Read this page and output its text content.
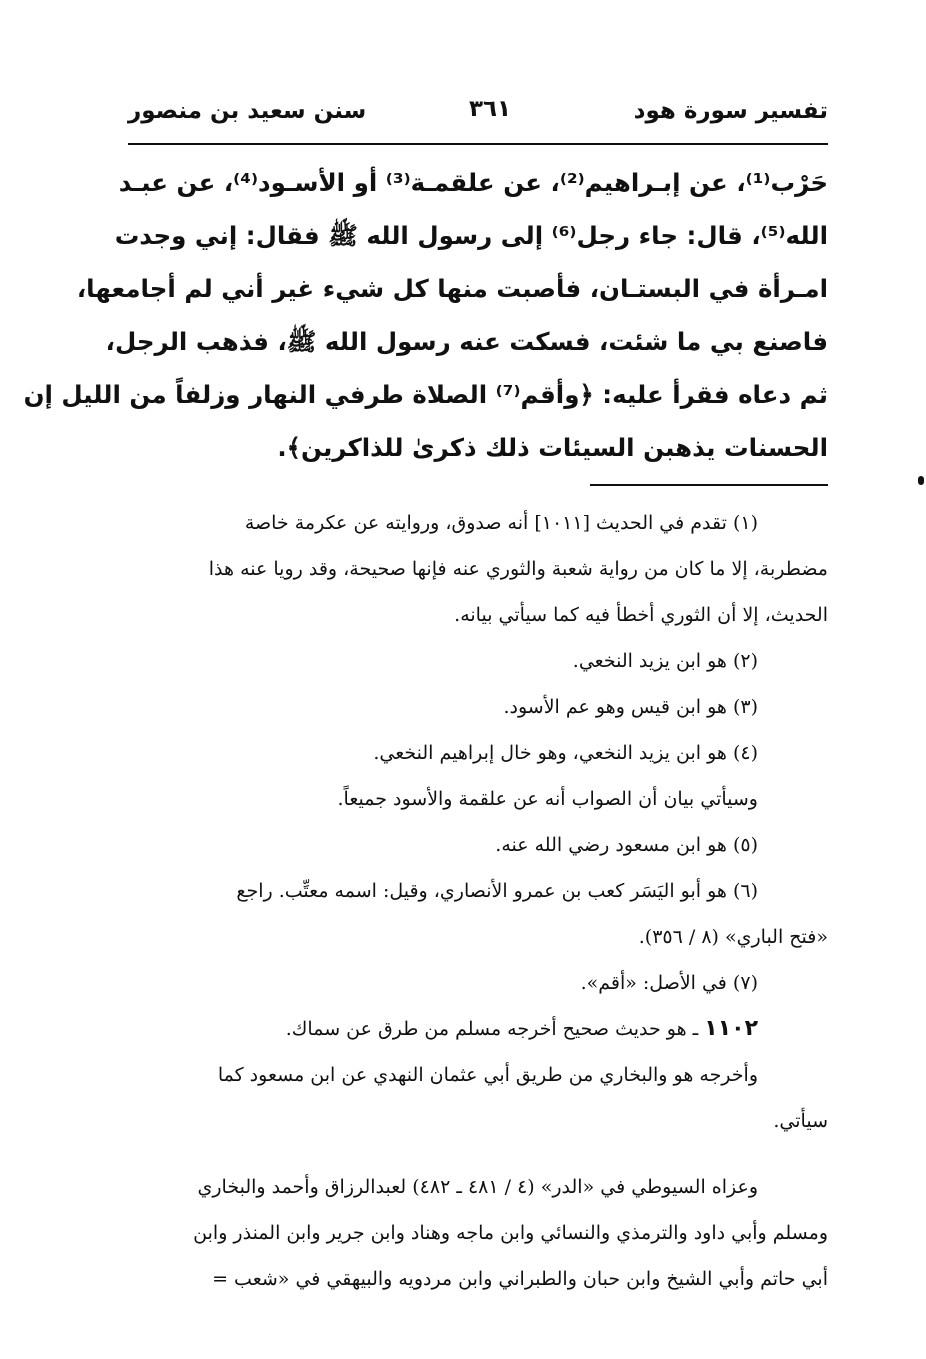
تفسير سورة هود
٣٦١
سنن سعيد بن منصور
حَرْب⁽¹⁾، عن إبـراهيم⁽²⁾، عن علقمـة⁽³⁾ أو الأسـود⁽⁴⁾، عن عبـد
الله⁽⁵⁾، قال: جاء رجل⁽⁶⁾ إلى رسول الله ﷺ فقال: إني وجدت
امـرأة في البستـان، فأصبت منها كل شيء غير أني لم أجامعها،
فاصنع بي ما شئت، فسكت عنه رسول الله ﷺ، فذهب الرجل،
ثم دعاه فقرأ عليه: ﴿وأقم⁽⁷⁾ الصلاة طرفي النهار وزلفاً من الليل إن
الحسنات يذهبن السيئات ذلك ذكرىٰ للذاكرين﴾.
(١) تقدم في الحديث [١٠١١] أنه صدوق، وروايته عن عكرمة خاصة
مضطربة، إلا ما كان من رواية شعبة والثوري عنه فإنها صحيحة، وقد رويا عنه هذا
الحديث، إلا أن الثوري أخطأ فيه كما سيأتي بيانه.
(٢) هو ابن يزيد النخعي.
(٣) هو ابن قيس وهو عم الأسود.
(٤) هو ابن يزيد النخعي، وهو خال إبراهيم النخعي.
وسيأتي بيان أن الصواب أنه عن علقمة والأسود جميعاً.
(٥) هو ابن مسعود رضي الله عنه.
(٦) هو أبو اليَسَر كعب بن عمرو الأنصاري، وقيل: اسمه معتِّب. راجع
«فتح الباري» (٨ / ٣٥٦).
(٧) في الأصل: «أقم».
١١٠٢ ـ هو حديث صحيح أخرجه مسلم من طرق عن سماك.
وأخرجه هو والبخاري من طريق أبي عثمان النهدي عن ابن مسعود كما
سيأتي.
وعزاه السيوطي في «الدر» (٤ / ٤٨١ ـ ٤٨٢) لعبدالرزاق وأحمد والبخاري
ومسلم وأبي داود والترمذي والنسائي وابن ماجه وهناد وابن جرير وابن المنذر وابن
أبي حاتم وأبي الشيخ وابن حبان والطبراني وابن مردويه والبيهقي في «شعب =
